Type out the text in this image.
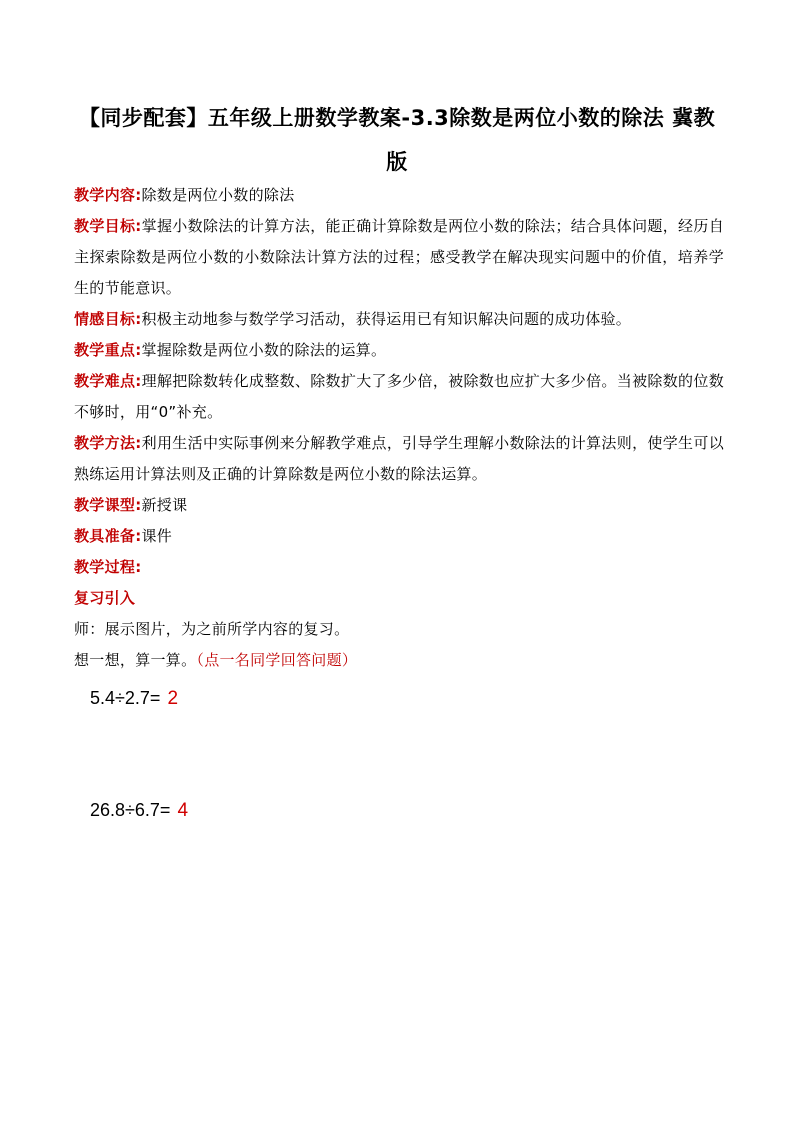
【同步配套】五年级上册数学教案-3.3除数是两位小数的除法 冀教版

教学内容:除数是两位小数的除法

教学目标:掌握小数除法的计算方法，能正确计算除数是两位小数的除法；结合具体问题，经历自主探索除数是两位小数的小数除法计算方法的过程；感受教学在解决现实问题中的价值，培养学生的节能意识。

情感目标:积极主动地参与数学学习活动，获得运用已有知识解决问题的成功体验。

教学重点:掌握除数是两位小数的除法的运算。

教学难点:理解把除数转化成整数、除数扩大了多少倍，被除数也应扩大多少倍。当被除数的位数不够时，用“0”补充。

教学方法:利用生活中实际事例来分解教学难点，引导学生理解小数除法的计算法则，使学生可以熟练运用计算法则及正确的计算除数是两位小数的除法运算。

教学课型:新授课

教具准备:课件

教学过程:

复习引入

师：展示图片，为之前所学内容的复习。

想一想，算一算。（点一名同学回答问题）

5.4÷2.7= 2
26.8÷6.7= 4
